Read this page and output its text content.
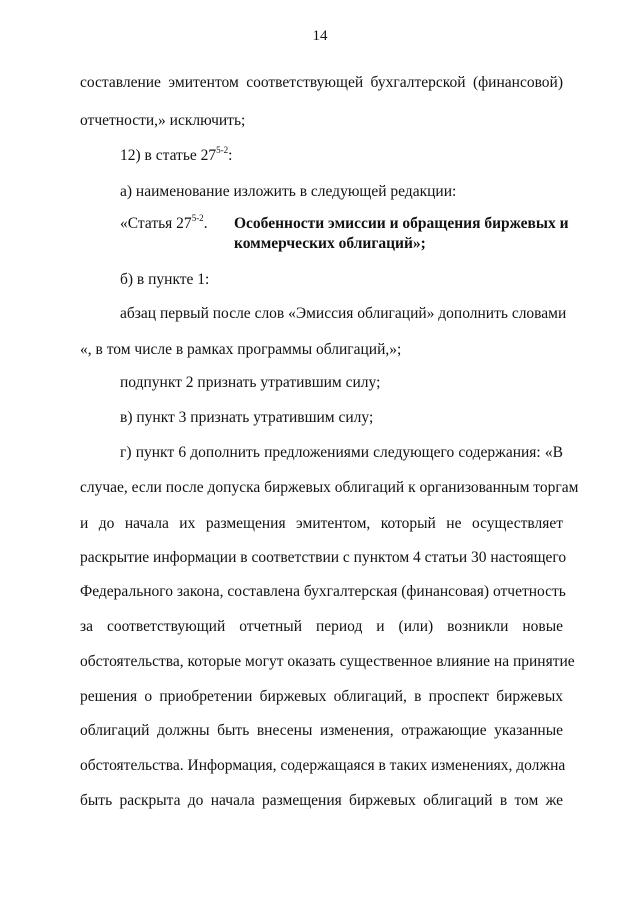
14
составление эмитентом соответствующей бухгалтерской (финансовой)
отчетности,» исключить;
12) в статье 27$^{5-2}$:
а) наименование изложить в следующей редакции:
«Статья 27$^{5-2}$. Особенности эмиссии и обращения биржевых и
коммерческих облигаций»;
б) в пункте 1:
абзац первый после слов «Эмиссия облигаций» дополнить словами
«, в том числе в рамках программы облигаций,»;
подпункт 2 признать утратившим силу;
в) пункт 3 признать утратившим силу;
г) пункт 6 дополнить предложениями следующего содержания: «В
случае, если после допуска биржевых облигаций к организованным торгам
и до начала их размещения эмитентом, который не осуществляет
раскрытие информации в соответствии с пунктом 4 статьи 30 настоящего
Федерального закона, составлена бухгалтерская (финансовая) отчетность
за соответствующий отчетный период и (или) возникли новые
обстоятельства, которые могут оказать существенное влияние на принятие
решения о приобретении биржевых облигаций, в проспект биржевых
облигаций должны быть внесены изменения, отражающие указанные
обстоятельства. Информация, содержащаяся в таких изменениях, должна
быть раскрыта до начала размещения биржевых облигаций в том же
